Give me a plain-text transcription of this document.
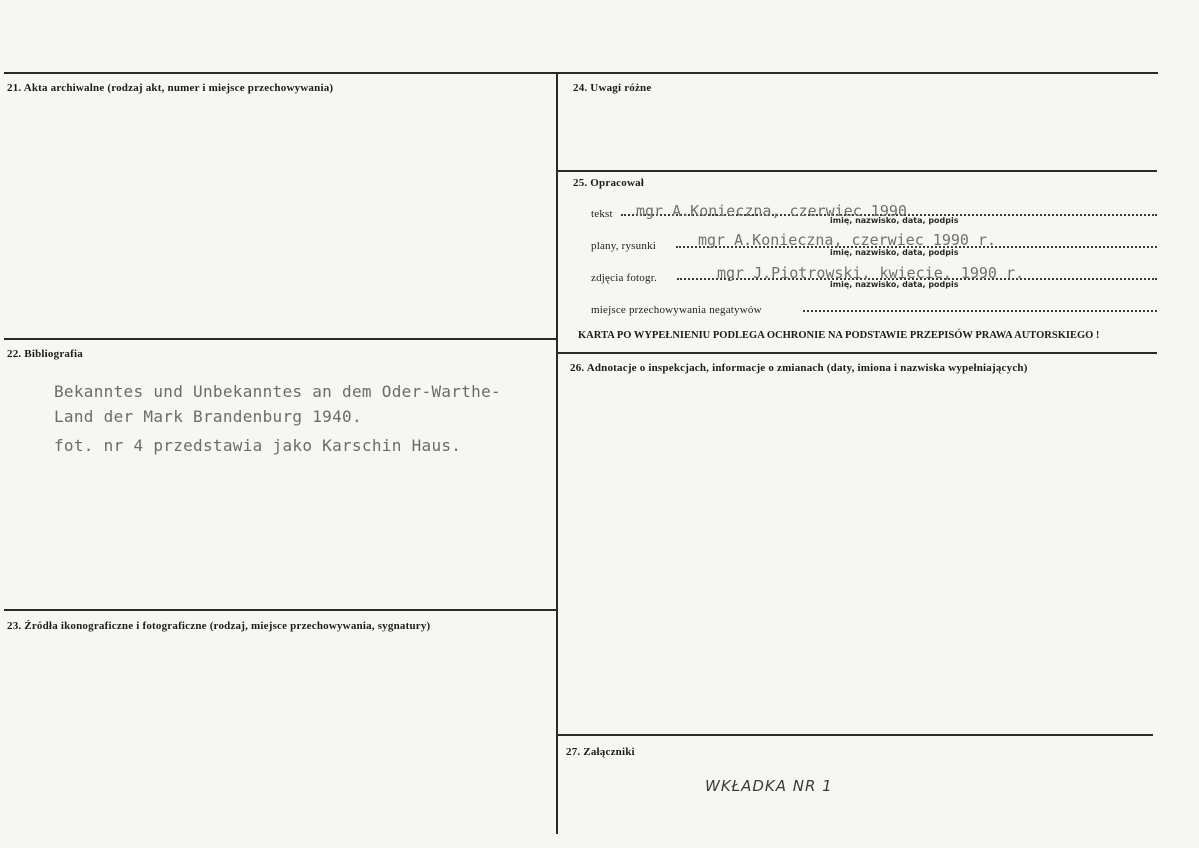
21. Akta archiwalne (rodzaj akt, numer i miejsce przechowywania)
22. Bibliografia
Bekanntes und Unbekanntes an dem Oder-Warthe-
Land der Mark Brandenburg 1940.
fot. nr 4 przedstawia jako Karschin Haus.
23. Źródła ikonograficzne i fotograficzne (rodzaj, miejsce przechowywania, sygnatury)
24. Uwagi różne
25. Opracował
tekst mgr A.Konieczna, czerwiec 1990
imię, nazwisko, data, podpis
plany, rysunki	mgr A.Konieczna, czerwiec 1990 r.
imię, nazwisko, data, podpis
zdjęcia fotogr.	mgr J.Piotrowski, kwiecie, 1990 r.
imię, nazwisko, data, podpis
miejsce przechowywania negatywów
KARTA PO WYPEŁNIENIU PODLEGA OCHRONIE NA PODSTAWIE PRZEPISÓW PRAWA AUTORSKIEGO !
26. Adnotacje o inspekcjach, informacje o zmianach (daty, imiona i nazwiska wypełniających)
27. Załączniki
WKŁADKA NR 1
